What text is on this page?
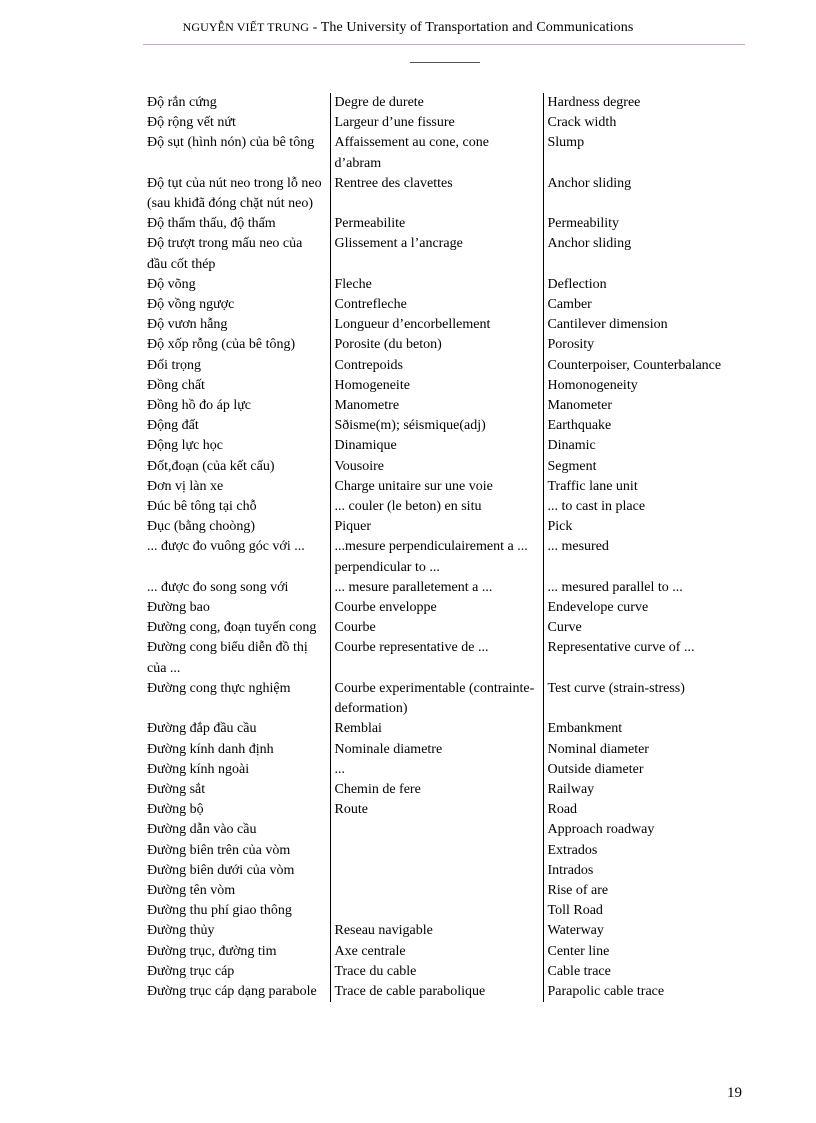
NGUYỄN VIẾT TRUNG - The University of Transportation and Communications
Độ rắn cứng	Degre de durete	Hardness degree
Độ rộng vết nứt	Largeur d’une fissure	Crack width
Độ sụt (hình nón) của bê tông	Affaissement au cone, cone d’abram	Slump
Độ tụt của nút neo trong lỗ neo (sau khiđã đóng chặt nút neo)	Rentree des clavettes	Anchor sliding
Độ thấm thấu, độ thấm	Permeabilite	Permeability
Độ trượt trong mấu neo của đầu cốt thép	Glissement a l’ancrage	Anchor sliding
Độ võng	Fleche	Deflection
Độ vồng ngược	Contrefleche	Camber
Độ vươn hẫng	Longueur d’encorbellement	Cantilever dimension
Độ xốp rỗng (của bê tông)	Porosite (du beton)	Porosity
Đối trọng	Contrepoids	Counterpoiser, Counterbalance
Đồng chất	Homogeneite	Homonogeneity
Đồng hồ đo áp lực	Manometre	Manometer
Động đất	Sðisme(m); séismique(adj)	Earthquake
Động lực học	Dinamique	Dinamic
Đốt,đoạn (của kết cấu)	Vousoire	Segment
Đơn vị làn xe	Charge unitaire sur une voie	Traffic lane unit
Đúc bê tông tại chỗ	... couler (le beton) en situ	... to cast in place
Đục (bằng choòng)	Piquer	Pick
... được đo vuông góc với ...	...mesure perpendiculairement a ... perpendicular to ...	... mesured
... được đo song song với	... mesure paralletement a ...	... mesured parallel to ...
Đường bao	Courbe enveloppe	Endevelope curve
Đường cong, đoạn tuyến cong	Courbe	Curve
Đường cong biểu diễn đồ thị của ...	Courbe representative de ...	Representative curve of ...
Đường cong thực nghiệm	Courbe experimentable (contrainte-deformation)	Test curve (strain-stress)
Đường đắp đầu cầu	Remblai	Embankment
Đường kính danh định	Nominale diametre	Nominal diameter
Đường kính ngoài	...	Outside diameter
Đường sắt	Chemin de fere	Railway
Đường bộ	Route	Road
Đường dẫn vào cầu		Approach roadway
Đường biên trên của vòm		Extrados
Đường biên dưới của vòm		Intrados
Đường tên vòm		Rise of are
Đường thu phí giao thông		Toll Road
Đường thủy	Reseau navigable	Waterway
Đường trục, đường tim	Axe centrale	Center line
Đường trục cáp	Trace du cable	Cable trace
Đường trục cáp dạng parabole	Trace de cable parabolique	Parapolic cable trace
19
